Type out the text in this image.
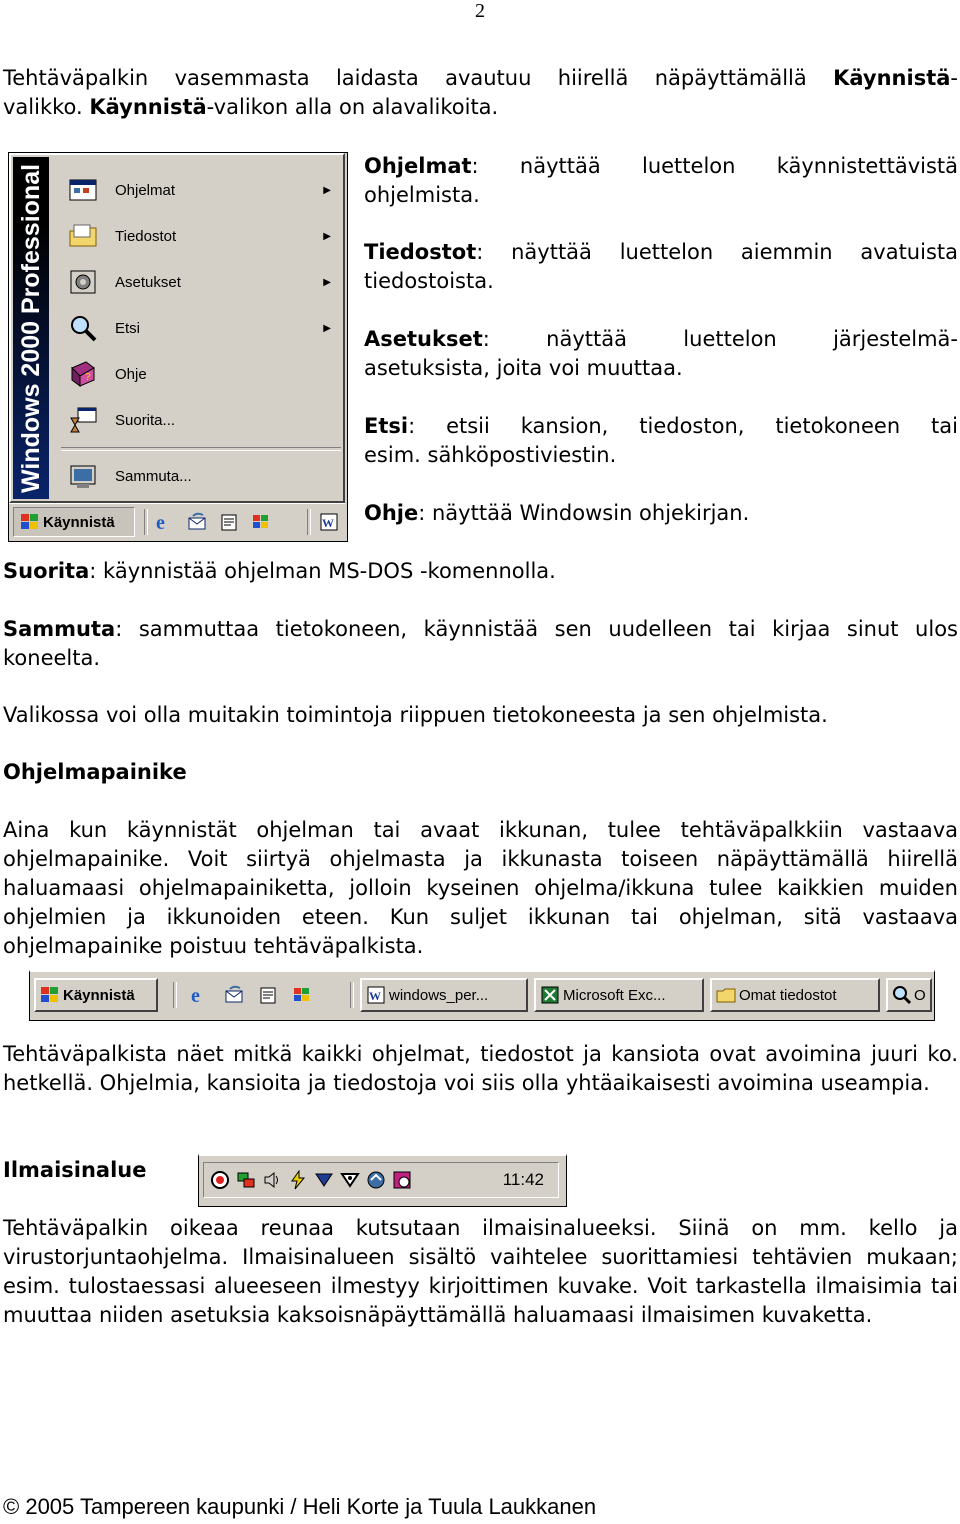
2
Tehtäväpalkin vasemmasta laidasta avautuu hiirellä näpäyttämällä Käynnistä-
valikko. Käynnistä-valikon alla on alavalikoita.
Windows 2000 Professional	Ohjelmat	▶
Tiedostot	▶
Asetukset	▶
Etsi	▶
? Ohje
Suorita...
Sammuta...
Käynnistä e	W
Ohjelmat: näyttää luettelon käynnistettävistä
ohjelmista.
Tiedostot: näyttää luettelon aiemmin avatuista
tiedostoista.
Asetukset: näyttää luettelon järjestelmä-
asetuksista, joita voi muuttaa.
Etsi: etsii kansion, tiedoston, tietokoneen tai
esim. sähköpostiviestin.
Ohje: näyttää Windowsin ohjekirjan.
Suorita: käynnistää ohjelman MS-DOS -komennolla.
Sammuta: sammuttaa tietokoneen, käynnistää sen uudelleen tai kirjaa sinut ulos koneelta.
Valikossa voi olla muitakin toimintoja riippuen tietokoneesta ja sen ohjelmista.
Ohjelmapainike
Aina kun käynnistät ohjelman tai avaat ikkunan, tulee tehtäväpalkkiin vastaava ohjelmapainike. Voit siirtyä ohjelmasta ja ikkunasta toiseen näpäyttämällä hiirellä haluamaasi ohjelmapainiketta, jolloin kyseinen ohjelma/ikkuna tulee kaikkien muiden ohjelmien ja ikkunoiden eteen. Kun suljet ikkunan tai ohjelman, sitä vastaava ohjelmapainike poistuu tehtäväpalkista.
Käynnistä	e	W windows_per...	Microsoft Exc...	Omat tiedostot	O
Tehtäväpalkista näet mitkä kaikki ohjelmat, tiedostot ja kansiota ovat avoimina juuri ko. hetkellä. Ohjelmia, kansioita ja tiedostoja voi siis olla yhtäaikaisesti avoimina useampia.
Ilmaisinalue	11:42
Tehtäväpalkin oikeaa reunaa kutsutaan ilmaisinalueeksi. Siinä on mm. kello ja virustorjuntaohjelma. Ilmaisinalueen sisältö vaihtelee suorittamiesi tehtävien mukaan; esim. tulostaessasi alueeseen ilmestyy kirjoittimen kuvake. Voit tarkastella ilmaisimia tai muuttaa niiden asetuksia kaksoisnäpäyttämällä haluamaasi ilmaisimen kuvaketta.
© 2005 Tampereen kaupunki / Heli Korte ja Tuula Laukkanen
